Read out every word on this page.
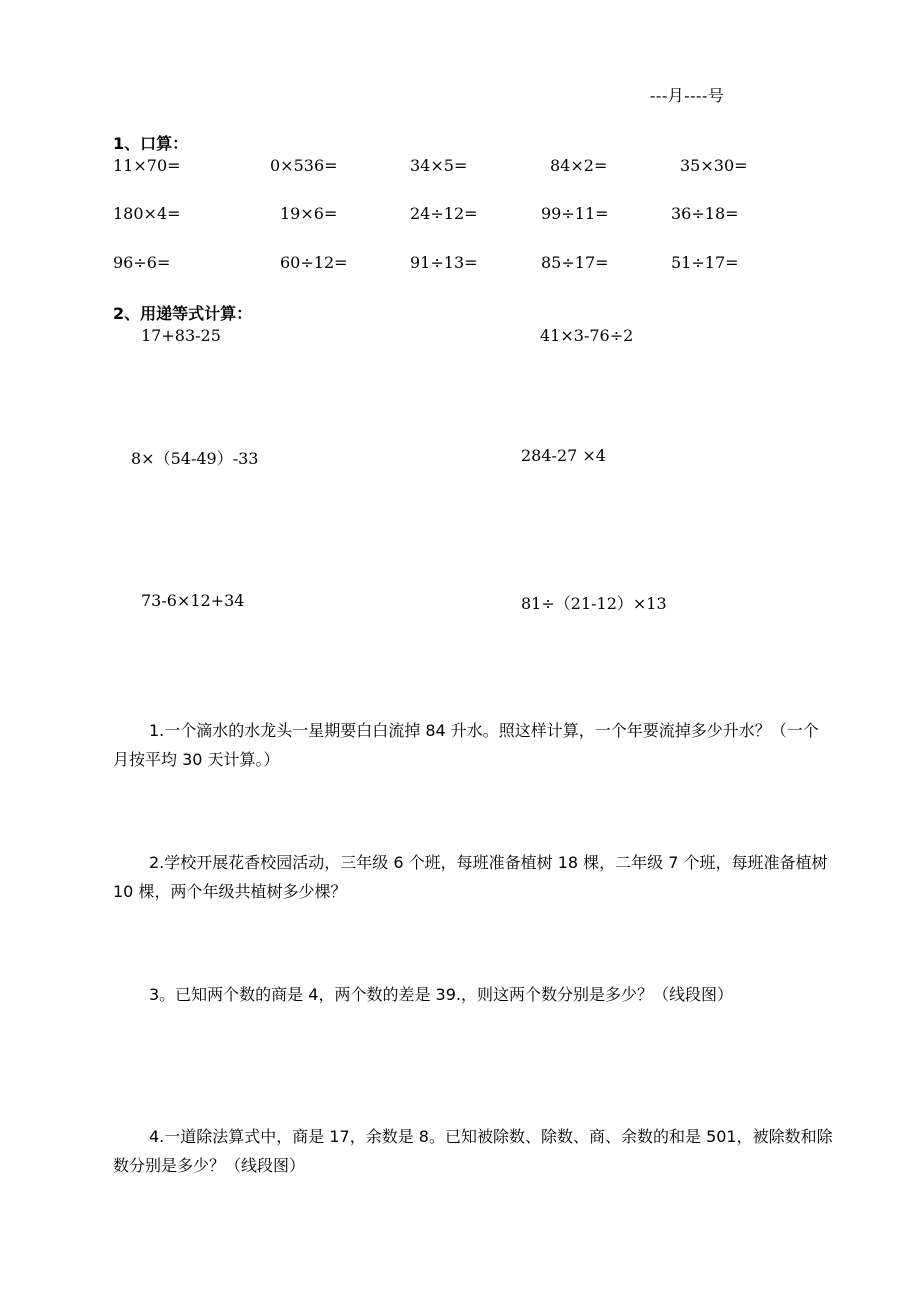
---月----号
1、口算：
11×70=	0×536=	34×5=	84×2=	35×30=
180×4=	19×6=	24÷12=	99÷11=	36÷18=
96÷6=	60÷12=	91÷13=	85÷17=	51÷17=
2、用递等式计算：
17+83-25	41×3-76÷2
8×（54-49）-33	284-27 ×4
73-6×12+34	81÷（21-12）×13
1.一个滴水的水龙头一星期要白白流掉 84 升水。照这样计算，一个年要流掉多少升水？（一个月按平均 30 天计算。）
2.学校开展花香校园活动，三年级 6 个班，每班准备植树 18 棵，二年级 7 个班，每班准备植树 10 棵，两个年级共植树多少棵？
3。已知两个数的商是 4，两个数的差是 39.，则这两个数分别是多少？（线段图）
4.一道除法算式中，商是 17，余数是 8。已知被除数、除数、商、余数的和是 501，被除数和除数分别是多少？（线段图）
